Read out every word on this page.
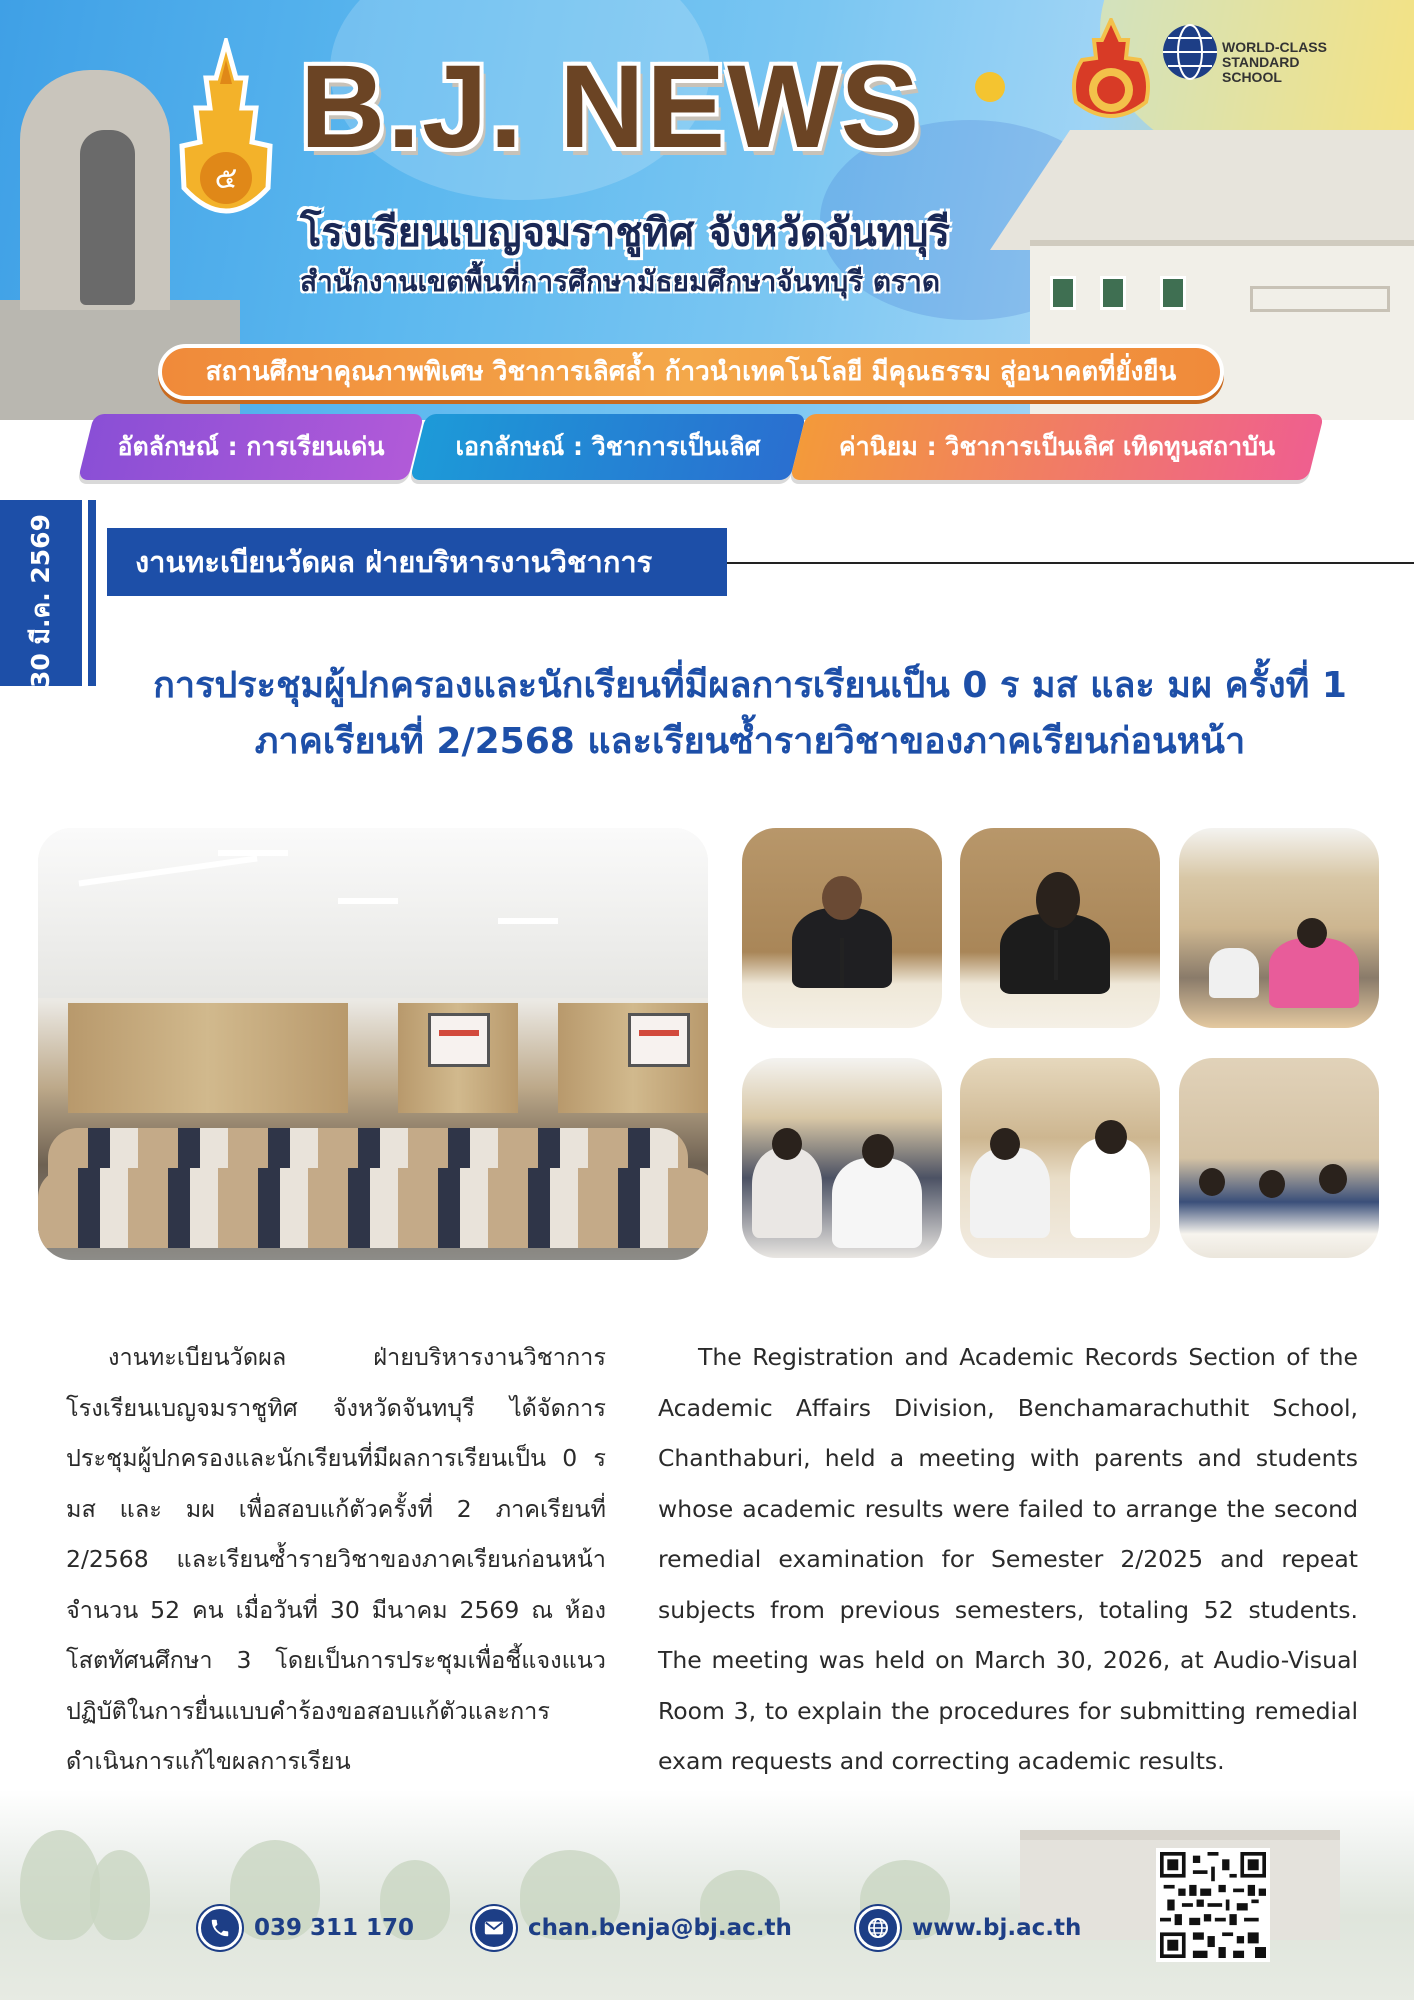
๕
WORLD-CLASS
STANDARD SCHOOL
B.J. NEWS
โรงเรียนเบญจมราชูทิศ จังหวัดจันทบุรี
สำนักงานเขตพื้นที่การศึกษามัธยมศึกษาจันทบุรี ตราด
สถานศึกษาคุณภาพพิเศษ วิชาการเลิศล้ำ ก้าวนำเทคโนโลยี มีคุณธรรม สู่อนาคตที่ยั่งยืน
อัตลักษณ์ : การเรียนเด่น	เอกลักษณ์ : วิชาการเป็นเลิศ	ค่านิยม : วิชาการเป็นเลิศ เทิดทูนสถาบัน
30 มี.ค. 2569	งานทะเบียนวัดผล ฝ่ายบริหารงานวิชาการ
การประชุมผู้ปกครองและนักเรียนที่มีผลการเรียนเป็น 0 ร มส และ มผ ครั้งที่ 1
ภาคเรียนที่ 2/2568 และเรียนซ้ำรายวิชาของภาคเรียนก่อนหน้า
งานทะเบียนวัดผล ฝ่ายบริหารงานวิชาการ โรงเรียนเบญจมราชูทิศ จังหวัดจันทบุรี ได้จัดการประชุมผู้ปกครองและนักเรียนที่มีผลการเรียนเป็น 0 ร มส และ มผ เพื่อสอบแก้ตัวครั้งที่ 2 ภาคเรียนที่ 2/2568 และเรียนซ้ำรายวิชาของภาคเรียนก่อนหน้า จำนวน 52 คน เมื่อวันที่ 30 มีนาคม 2569 ณ ห้องโสตทัศนศึกษา 3 โดยเป็นการประชุมเพื่อชี้แจงแนวปฏิบัติในการยื่นแบบคำร้องขอสอบแก้ตัวและการดำเนินการแก้ไขผลการเรียน
The Registration and Academic Records Section of the Academic Affairs Division, Benchamarachuthit School, Chanthaburi, held a meeting with parents and students whose academic results were failed to arrange the second remedial examination for Semester 2/2025 and repeat subjects from previous semesters, totaling 52 students. The meeting was held on March 30, 2026, at Audio-Visual Room 3, to explain the procedures for submitting remedial exam requests and correcting academic results.
039 311 170	chan.benja@bj.ac.th	www.bj.ac.th
